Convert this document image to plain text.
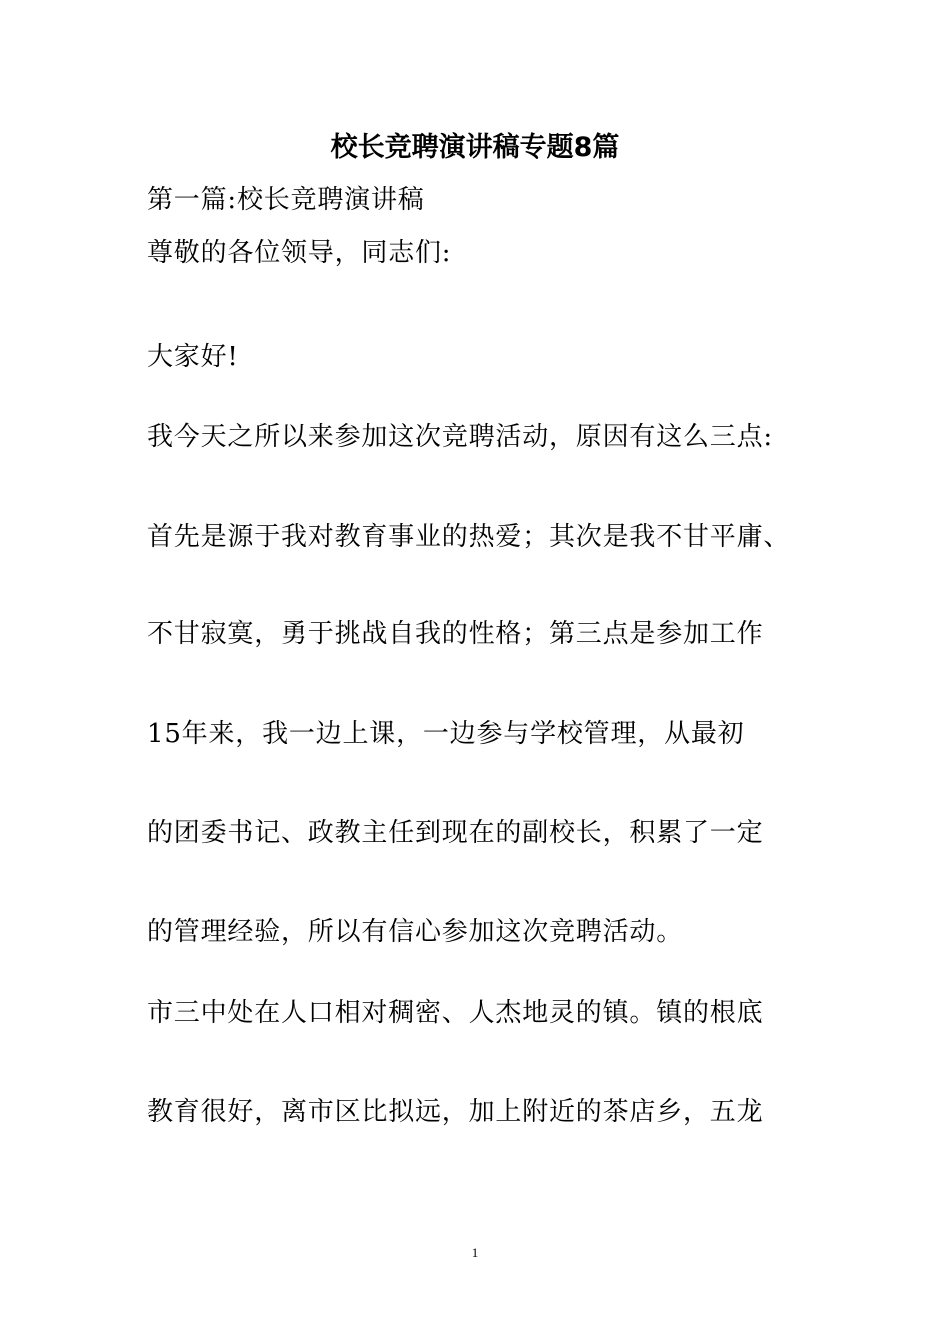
校长竞聘演讲稿专题8篇
第一篇:校长竞聘演讲稿
尊敬的各位领导，同志们:
大家好!
我今天之所以来参加这次竞聘活动，原因有这么三点:
首先是源于我对教育事业的热爱；其次是我不甘平庸、
不甘寂寞，勇于挑战自我的性格；第三点是参加工作
15年来，我一边上课，一边参与学校管理，从最初
的团委书记、政教主任到现在的副校长，积累了一定
的管理经验，所以有信心参加这次竞聘活动。
市三中处在人口相对稠密、人杰地灵的镇。镇的根底
教育很好，离市区比拟远，加上附近的茶店乡，五龙
1
